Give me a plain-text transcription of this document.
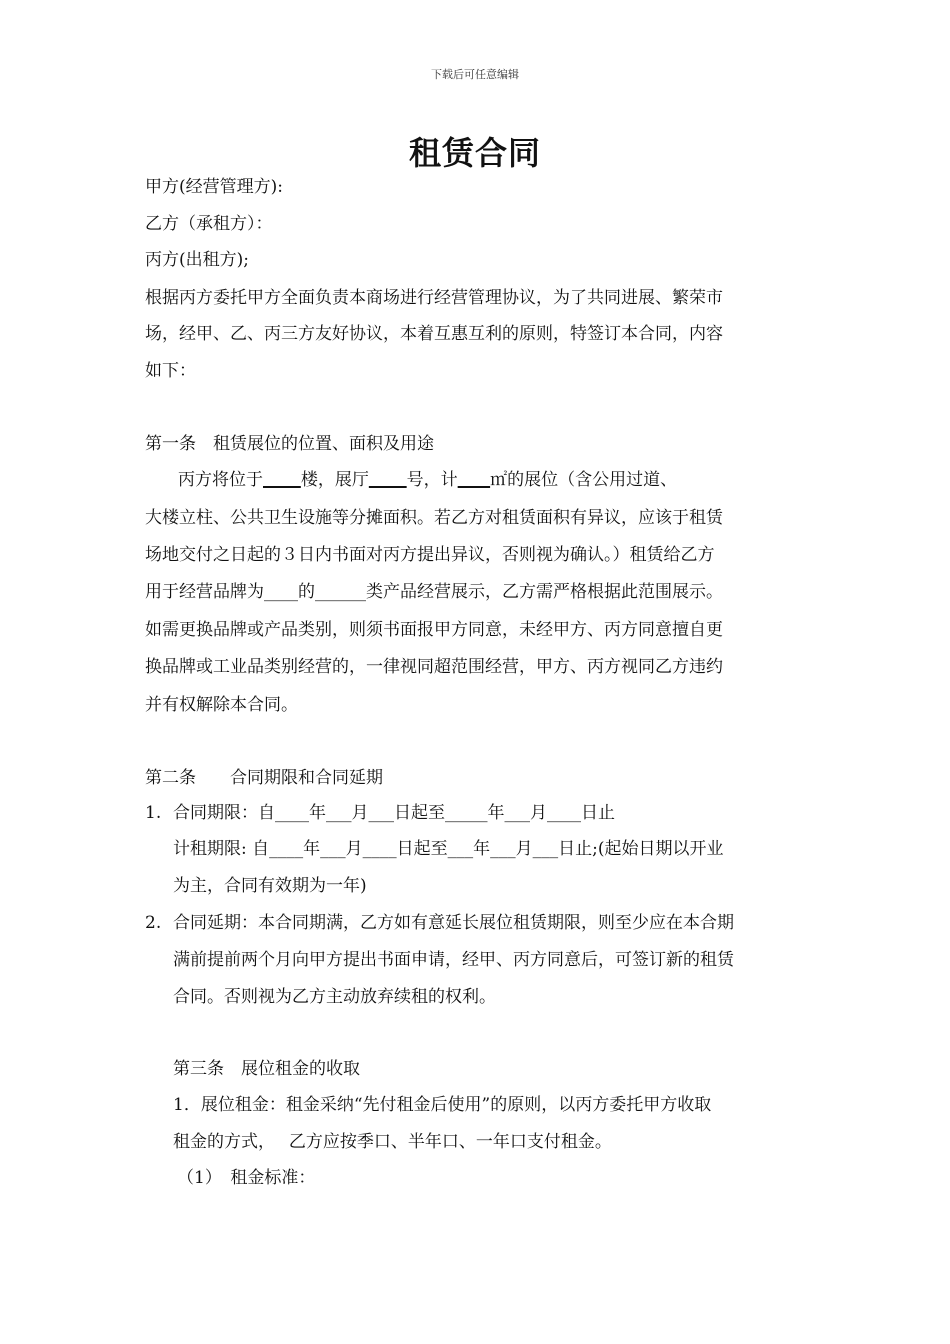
下载后可任意编辑
租赁合同
甲方(经营管理方):
乙方（承租方）：
丙方(出租方);
根据丙方委托甲方全面负责本商场进行经营管理协议，为了共同进展、繁荣市
场，经甲、乙、丙三方友好协议，本着互惠互利的原则，特签订本合同，内容
如下：
第一条　租赁展位的位置、面积及用途
丙方将位于 楼，展厅 号，计 ㎡的展位（含公用过道、
大楼立柱、公共卫生设施等分摊面积。若乙方对租赁面积有异议，应该于租赁
场地交付之日起的３日内书面对丙方提出异议，否则视为确认。）租赁给乙方
用于经营品牌为____的______类产品经营展示，乙方需严格根据此范围展示。
如需更换品牌或产品类别，则须书面报甲方同意，未经甲方、丙方同意擅自更
换品牌或工业品类别经营的，一律视同超范围经营，甲方、丙方视同乙方违约
并有权解除本合同。
第二条　　合同期限和合同延期
1. 合同期限：自____年___月___日起至_____年___月____日止
计租期限: 自____年___月____日起至___年___月___日止;(起始日期以开业
为主，合同有效期为一年)
2. 合同延期：本合同期满，乙方如有意延长展位租赁期限，则至少应在本合期
满前提前两个月向甲方提出书面申请，经甲、丙方同意后，可签订新的租赁
合同。否则视为乙方主动放弃续租的权利。
第三条　展位租金的收取
1．展位租金：租金采纳“先付租金后使用”的原则，以丙方委托甲方收取
租金的方式，　 乙方应按季口、半年口、一年口支付租金。
（1）　租金标准：
